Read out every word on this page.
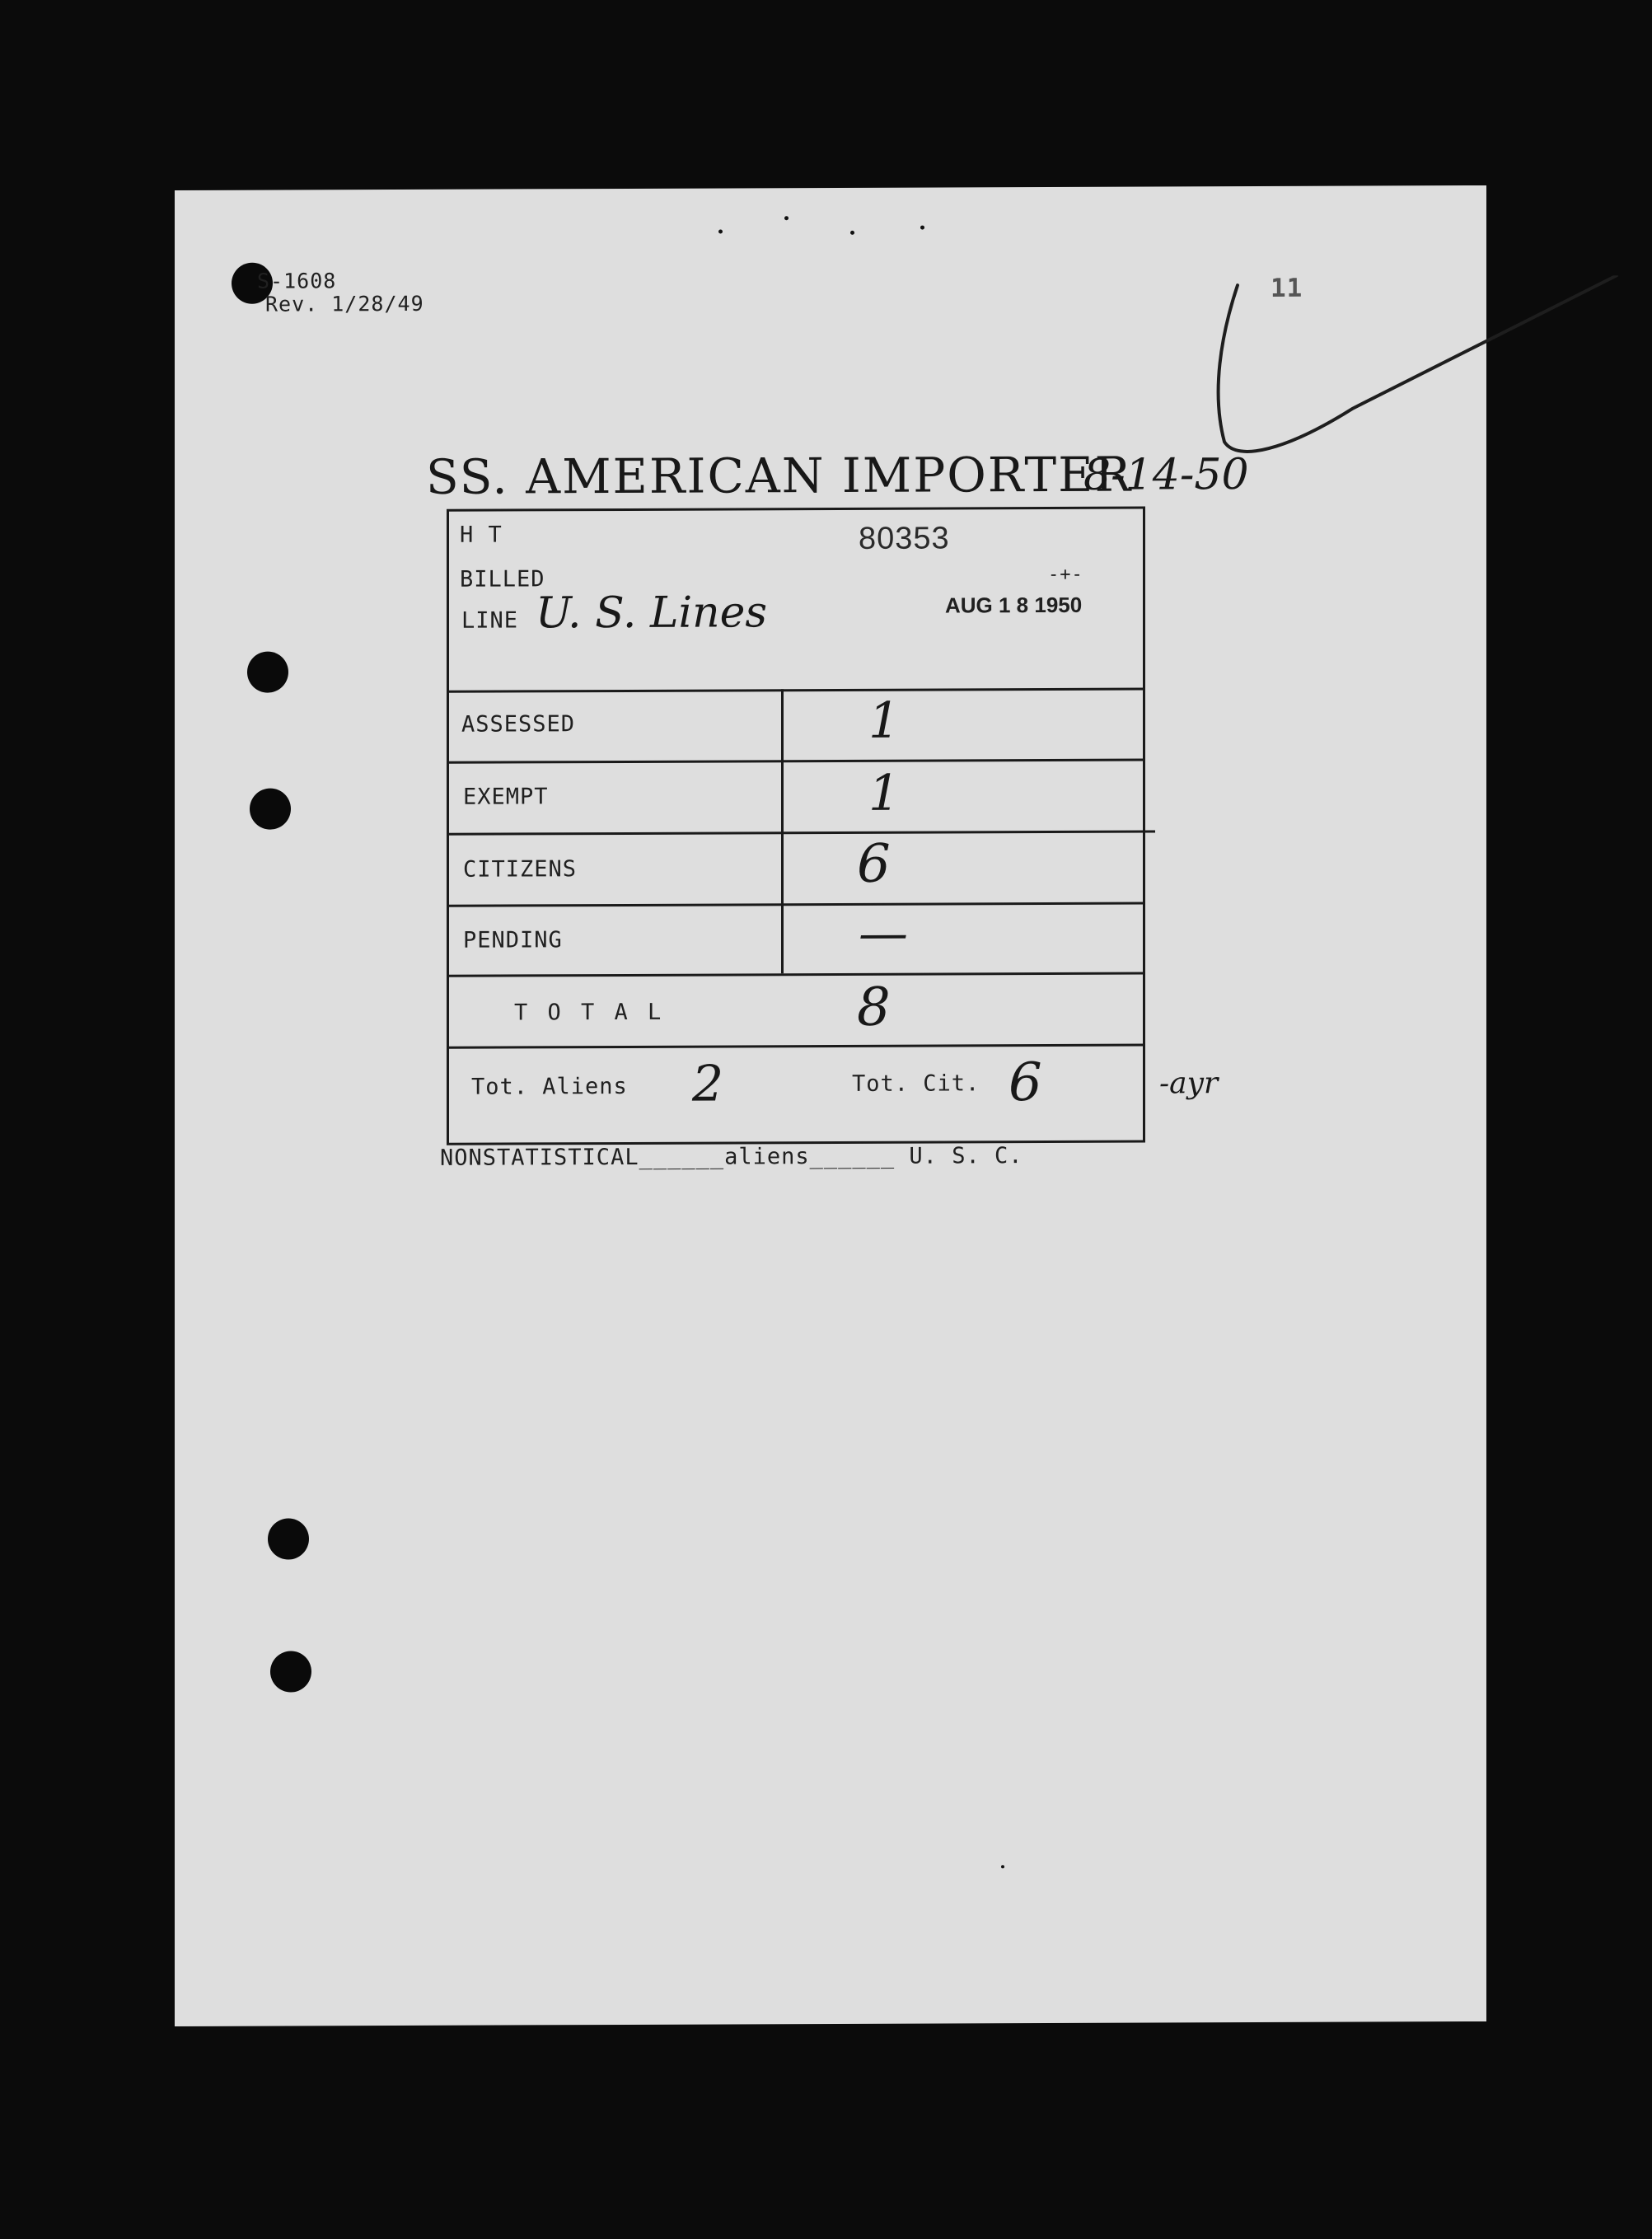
S-1608
Rev. 1/28/49
11
SS. AMERICAN IMPORTER
8-14-50
H T	80353
BILLED
LINE U. S. Lines	AUG 1 8 1950
-+-
ASSESSED	1
EXEMPT	1
CITIZENS	6
PENDING	—
T O T A L	8
Tot. Aliens 2	Tot. Cit. 6	-ayr
NONSTATISTICAL______aliens______ U. S. C.
